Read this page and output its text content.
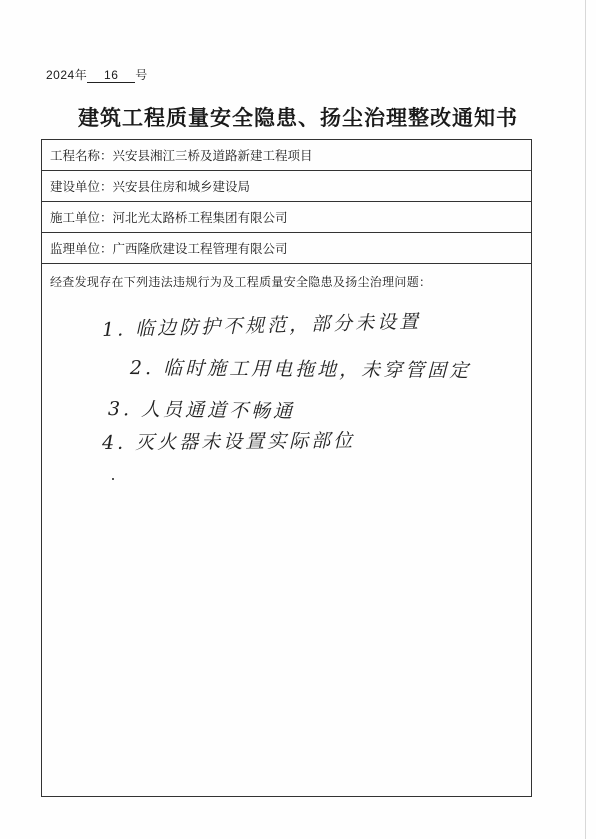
2024年 16 号
建筑工程质量安全隐患、扬尘治理整改通知书
工程名称：兴安县湘江三桥及道路新建工程项目
建设单位：兴安县住房和城乡建设局
施工单位：河北光太路桥工程集团有限公司
监理单位：广西隆欣建设工程管理有限公司
经查发现存在下列违法违规行为及工程质量安全隐患及扬尘治理问题：
1. 临边防护不规范，部分未设置
2. 临时施工用电拖地，未穿管固定
3. 人员通道不畅通
4. 灭火器未设置实际部位
